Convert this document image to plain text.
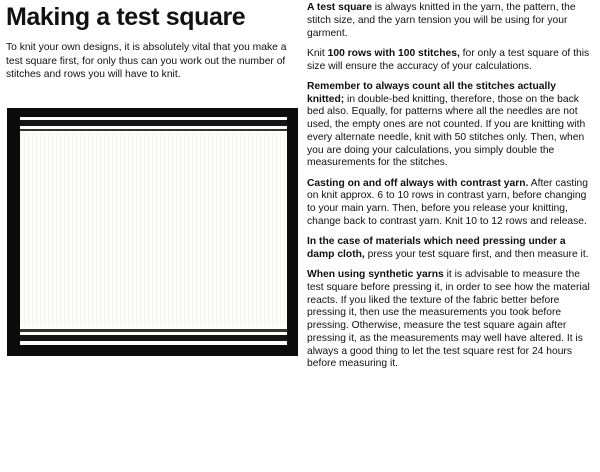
Making a test square

To knit your own designs, it is absolutely vital that you make a test square first, for only thus can you work out the number of stitches and rows you will have to knit.

A test square is always knitted in the yarn, the pattern, the stitch size, and the yarn tension you will be using for your garment.

Knit 100 rows with 100 stitches, for only a test square of this size will ensure the accuracy of your calculations.

Remember to always count all the stitches actually knitted; in double-bed knitting, therefore, those on the back bed also. Equally, for patterns where all the needles are not used, the empty ones are not counted. If you are knitting with every alternate needle, knit with 50 stitches only. Then, when you are doing your calculations, you simply double the measurements for the stitches.

Casting on and off always with contrast yarn. After casting on knit approx. 6 to 10 rows in contrast yarn, before changing to your main yarn. Then, before you release your knitting, change back to contrast yarn. Knit 10 to 12 rows and release.

In the case of materials which need pressing under a damp cloth, press your test square first, and then measure it.

When using synthetic yarns it is advisable to measure the test square before pressing it, in order to see how the material reacts. If you liked the texture of the fabric better before pressing it, then use the measurements you took before pressing. Otherwise, measure the test square again after pressing it, as the measurements may well have altered. It is always a good thing to let the test square rest for 24 hours before measuring it.
